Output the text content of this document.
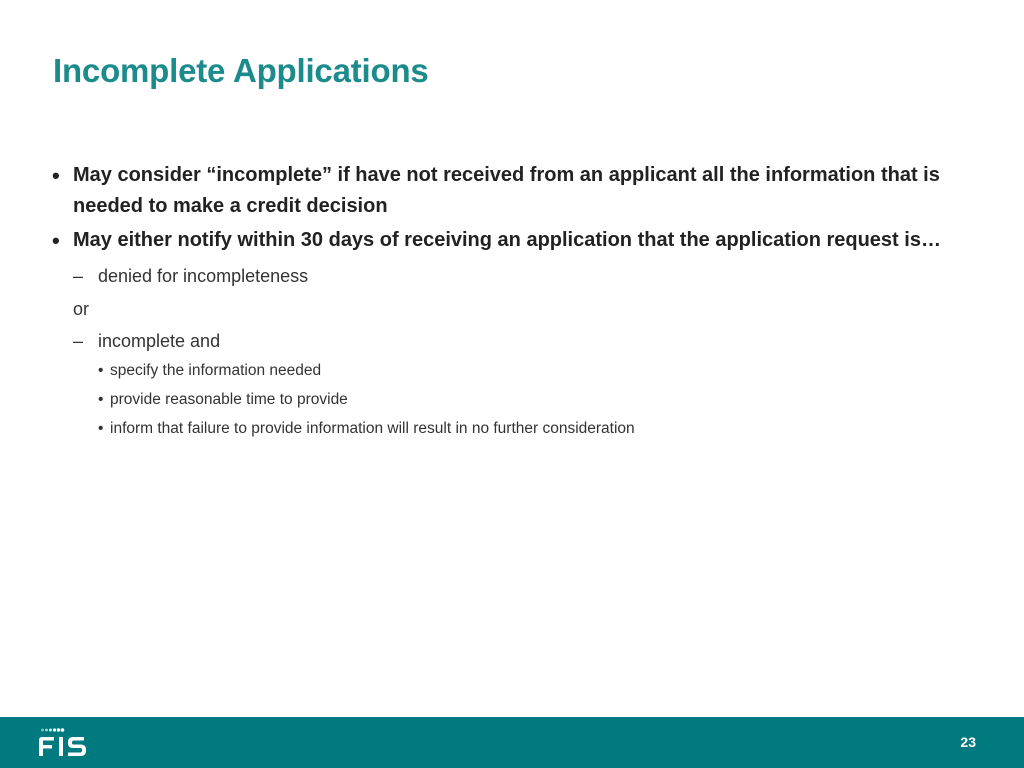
Incomplete Applications
• May consider “incomplete” if have not received from an applicant all the information that is needed to make a credit decision
• May either notify within 30 days of receiving an application that the application request is…
– denied for incompleteness
or
– incomplete and
• specify the information needed
• provide reasonable time to provide
• inform that failure to provide information will result in no further consideration
23
